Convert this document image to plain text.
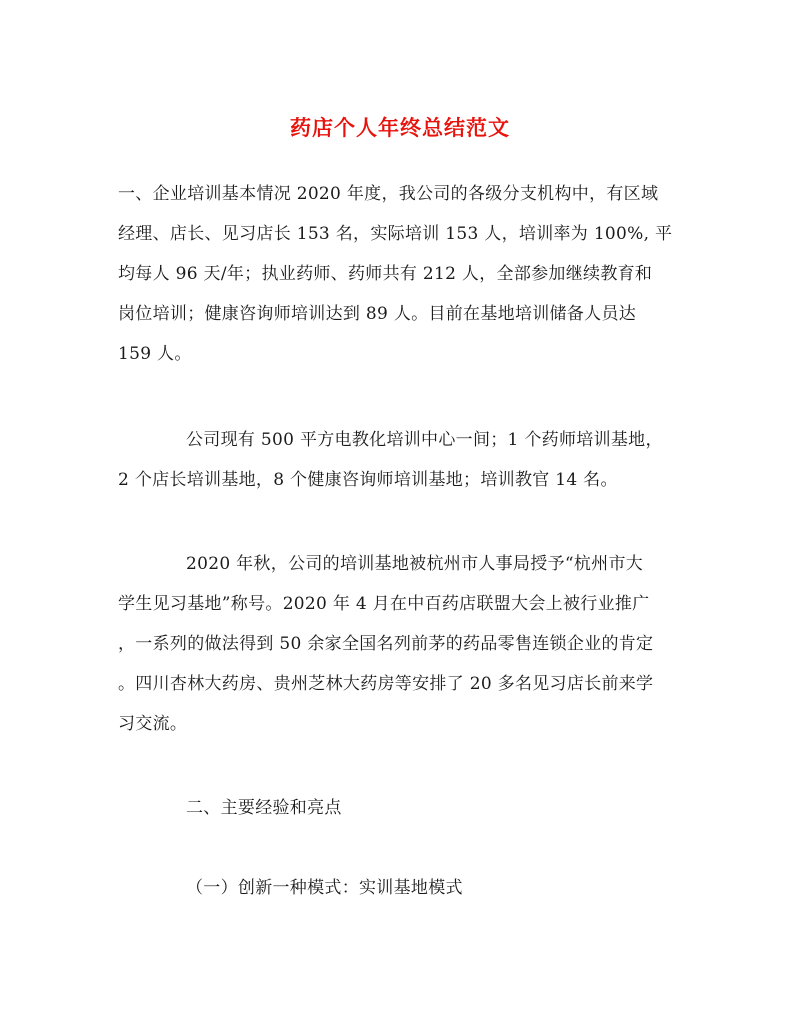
药店个人年终总结范文

一、企业培训基本情况 2020 年度，我公司的各级分支机构中，有区域
经理、店长、见习店长 153 名，实际培训 153 人，培训率为 100%, 平
均每人 96 天/年；执业药师、药师共有 212 人，全部参加继续教育和
岗位培训；健康咨询师培训达到 89 人。目前在基地培训储备人员达
159 人。

公司现有 500 平方电教化培训中心一间；1 个药师培训基地，
2 个店长培训基地，8 个健康咨询师培训基地；培训教官 14 名。

2020 年秋，公司的培训基地被杭州市人事局授予“杭州市大
学生见习基地”称号。2020 年 4 月在中百药店联盟大会上被行业推广
，一系列的做法得到 50 余家全国名列前茅的药品零售连锁企业的肯定
。四川杏林大药房、贵州芝林大药房等安排了 20 多名见习店长前来学
习交流。

二、主要经验和亮点

（一）创新一种模式：实训基地模式
